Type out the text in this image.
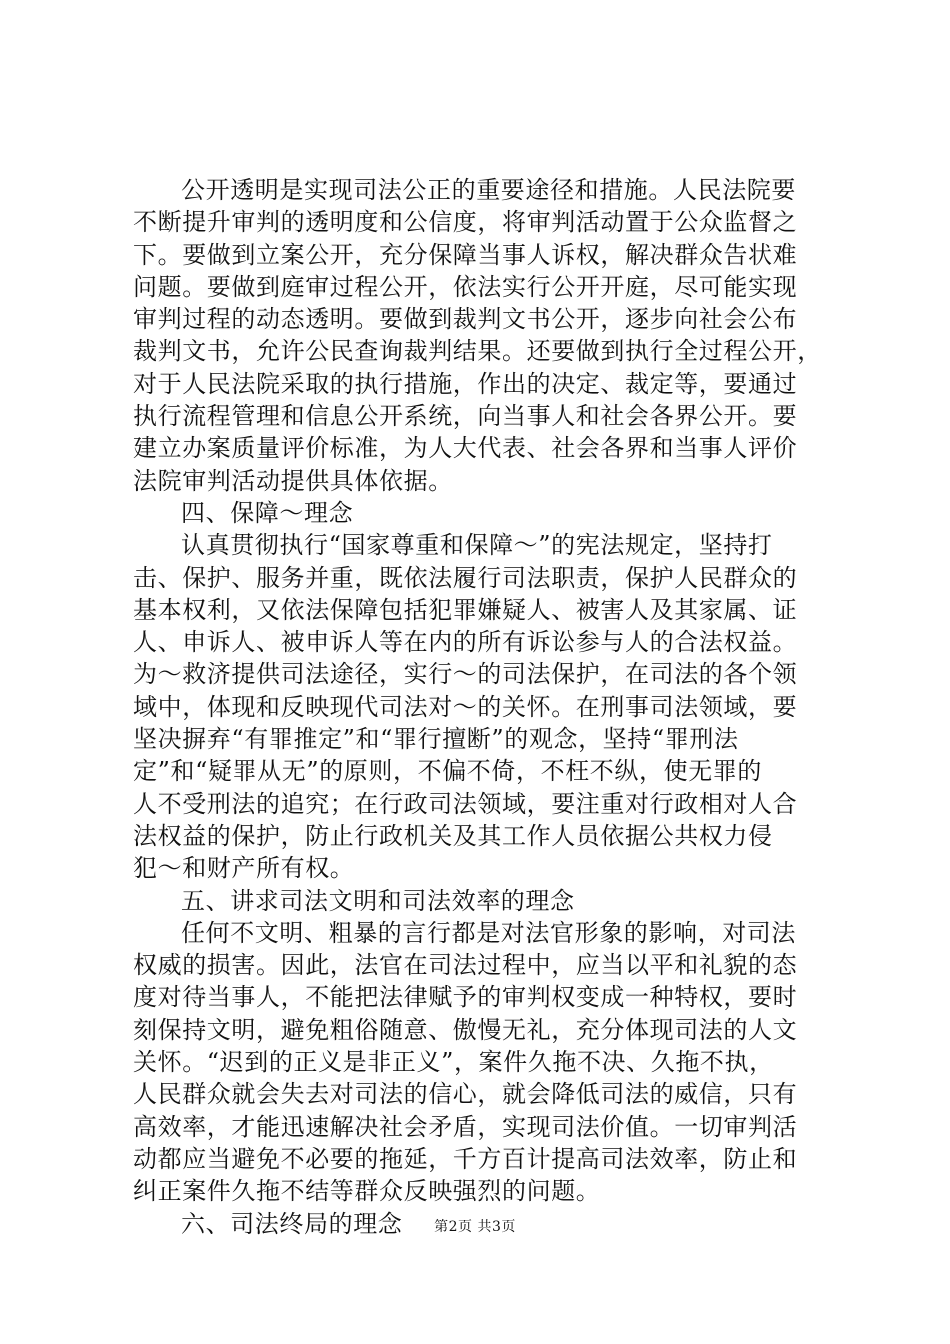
公开透明是实现司法公正的重要途径和措施。人民法院要
不断提升审判的透明度和公信度，将审判活动置于公众监督之
下。要做到立案公开，充分保障当事人诉权，解决群众告状难
问题。要做到庭审过程公开，依法实行公开开庭，尽可能实现
审判过程的动态透明。要做到裁判文书公开，逐步向社会公布
裁判文书，允许公民查询裁判结果。还要做到执行全过程公开，
对于人民法院采取的执行措施，作出的决定、裁定等，要通过
执行流程管理和信息公开系统，向当事人和社会各界公开。要
建立办案质量评价标准，为人大代表、社会各界和当事人评价
法院审判活动提供具体依据。
四、保障～理念
认真贯彻执行“国家尊重和保障～”的宪法规定，坚持打
击、保护、服务并重，既依法履行司法职责，保护人民群众的
基本权利，又依法保障包括犯罪嫌疑人、被害人及其家属、证
人、申诉人、被申诉人等在内的所有诉讼参与人的合法权益。
为～救济提供司法途径，实行～的司法保护，在司法的各个领
域中，体现和反映现代司法对～的关怀。在刑事司法领域，要
坚决摒弃“有罪推定”和“罪行擅断”的观念，坚持“罪刑法
定”和“疑罪从无”的原则，不偏不倚，不枉不纵，使无罪的
人不受刑法的追究；在行政司法领域，要注重对行政相对人合
法权益的保护，防止行政机关及其工作人员依据公共权力侵
犯～和财产所有权。
五、讲求司法文明和司法效率的理念
任何不文明、粗暴的言行都是对法官形象的影响，对司法
权威的损害。因此，法官在司法过程中，应当以平和礼貌的态
度对待当事人，不能把法律赋予的审判权变成一种特权，要时
刻保持文明，避免粗俗随意、傲慢无礼，充分体现司法的人文
关怀。“迟到的正义是非正义”，案件久拖不决、久拖不执，
人民群众就会失去对司法的信心，就会降低司法的威信，只有
高效率，才能迅速解决社会矛盾，实现司法价值。一切审判活
动都应当避免不必要的拖延，千方百计提高司法效率，防止和
纠正案件久拖不结等群众反映强烈的问题。
六、司法终局的理念	第2页 共3页
